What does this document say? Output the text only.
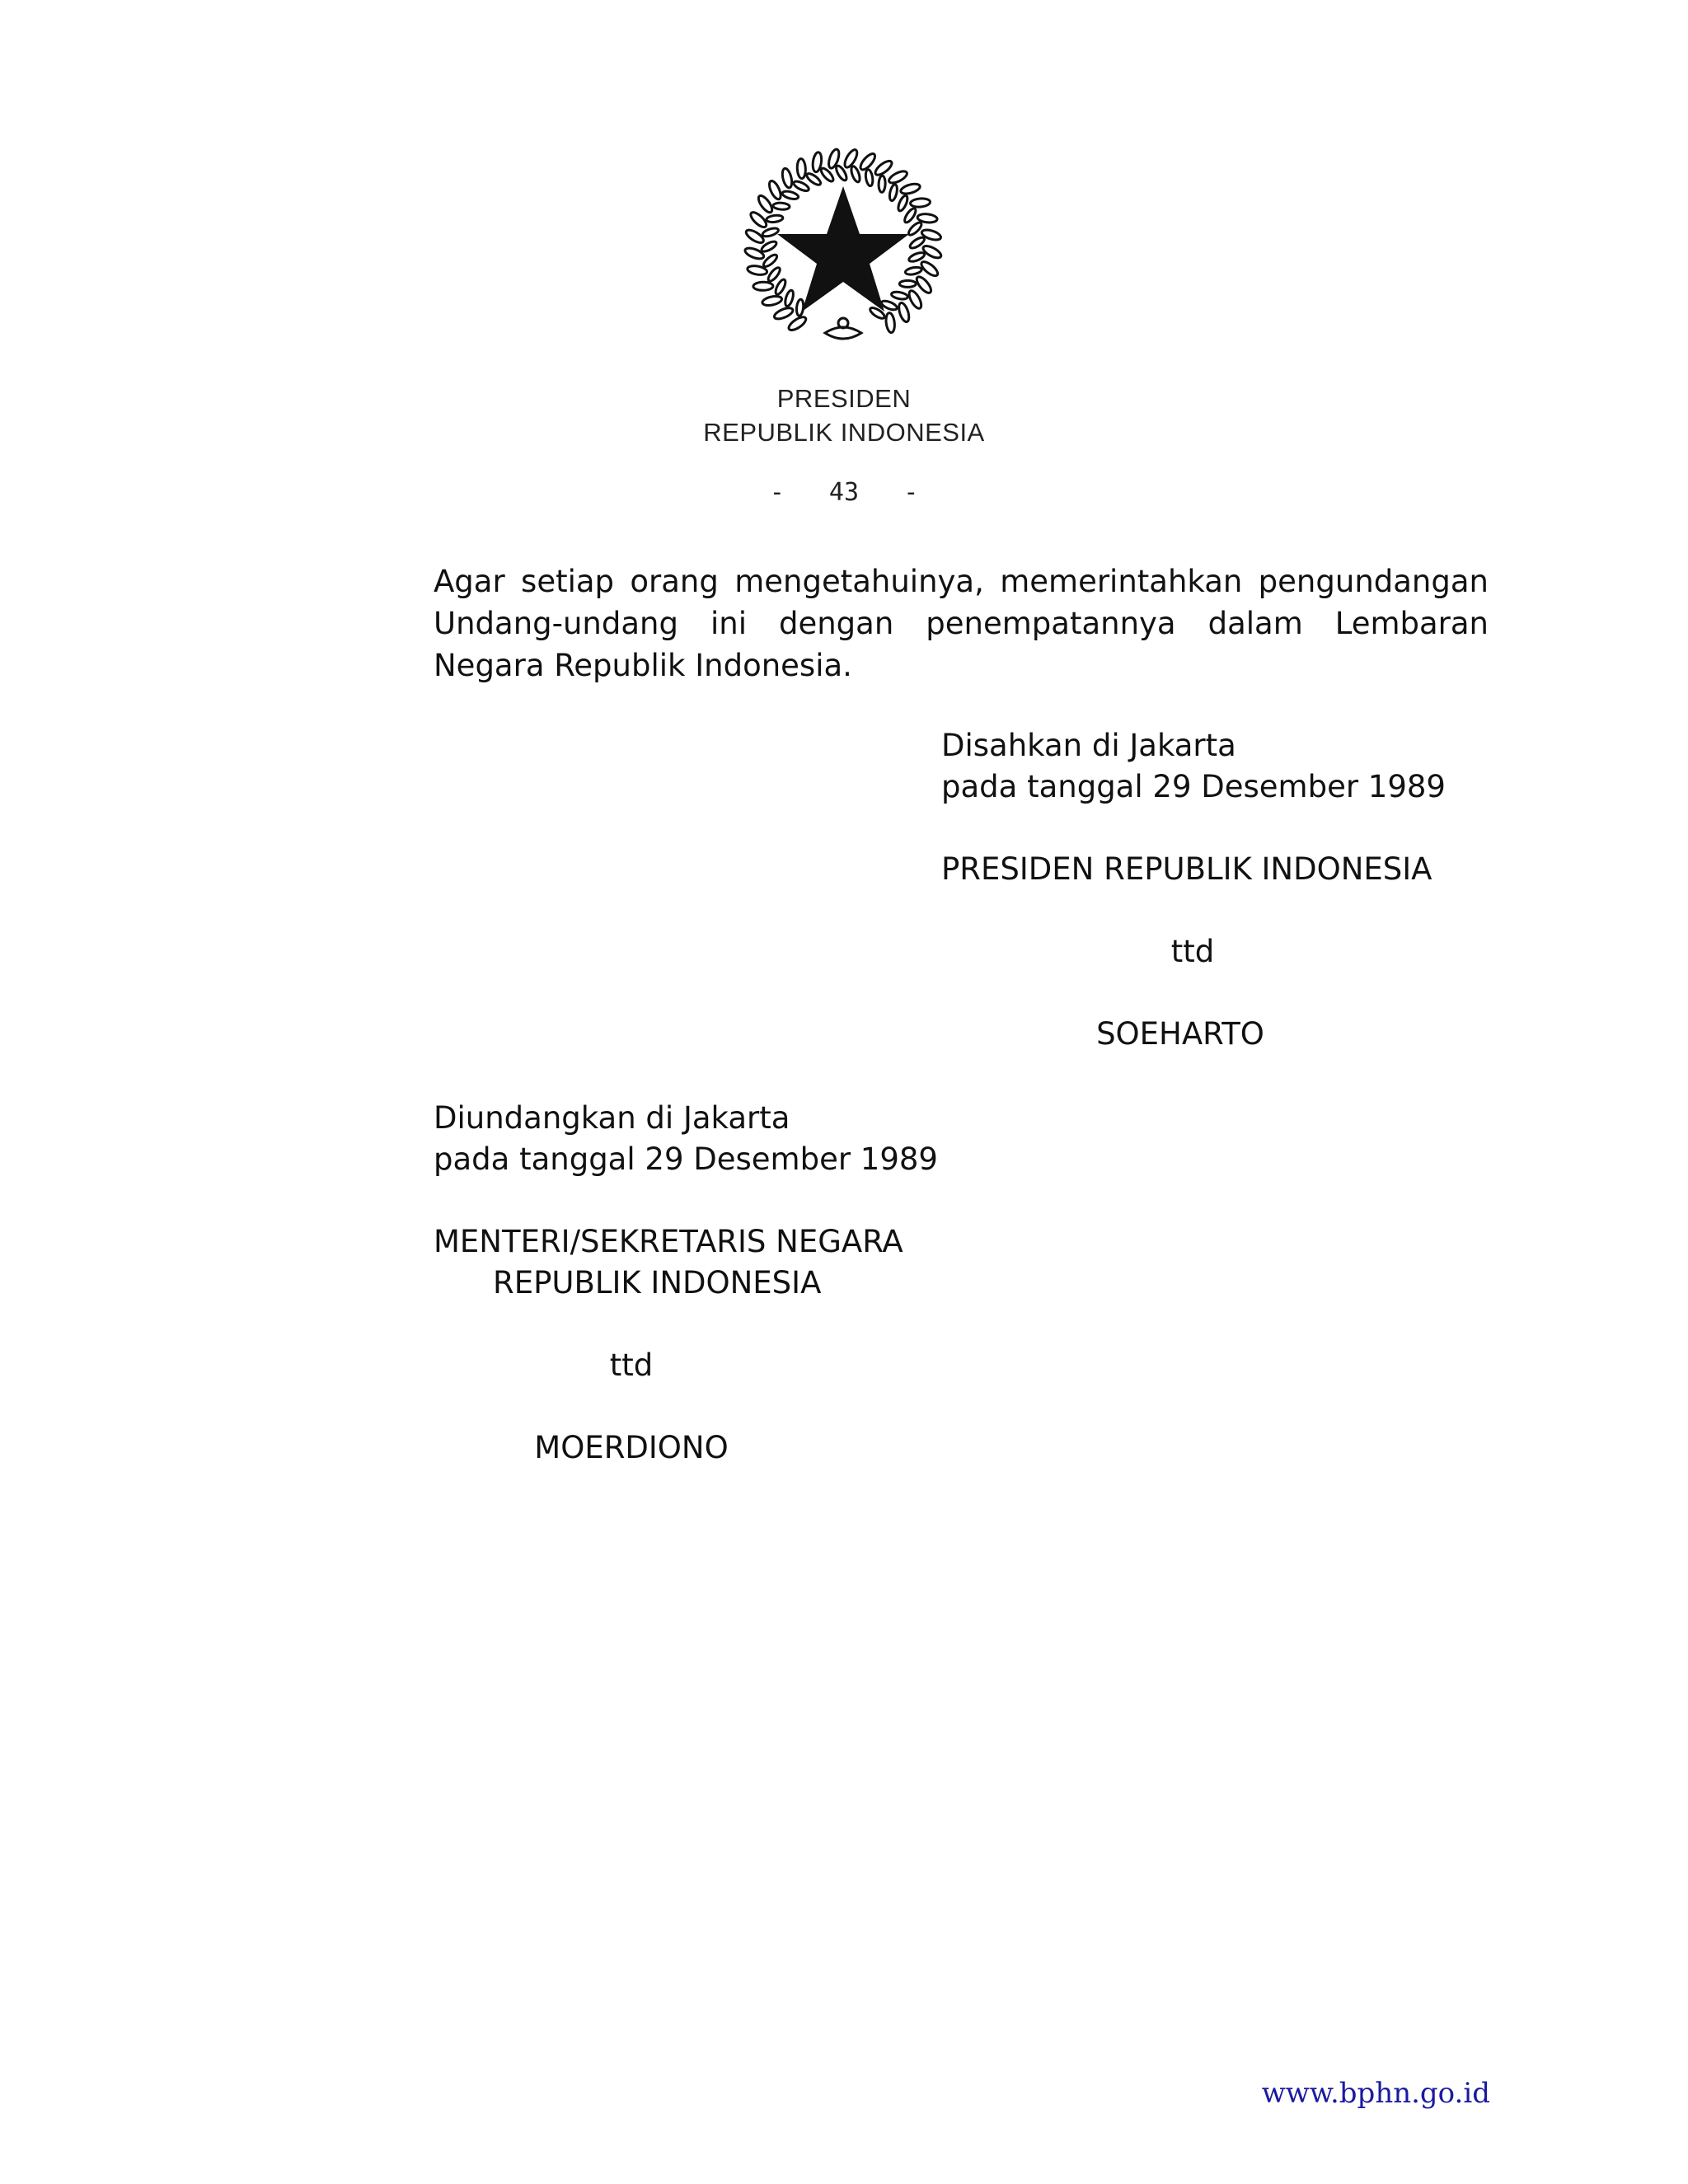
PRESIDEN
REPUBLIK INDONESIA
-   43   -
Agar setiap orang mengetahuinya, memerintahkan pengundangan Undang-undang ini dengan penempatannya dalam Lembaran Negara Republik Indonesia.
Disahkan di Jakarta
pada tanggal 29 Desember 1989
PRESIDEN REPUBLIK INDONESIA
ttd
SOEHARTO
Diundangkan di Jakarta
pada tanggal 29 Desember 1989
MENTERI/SEKRETARIS NEGARA
REPUBLIK INDONESIA
ttd
MOERDIONO
www.bphn.go.id
